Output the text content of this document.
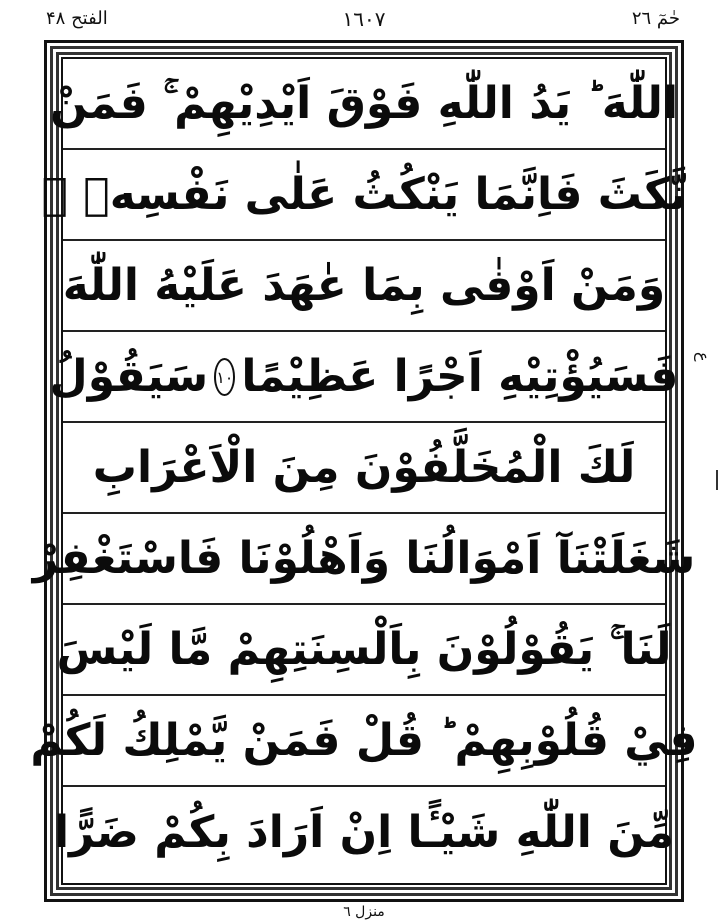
الفتح ۴۸	۱٦۰۷	حٰمٓ ۲٦
اللّٰهَ ؕ يَدُ اللّٰهِ فَوْقَ اَيْدِيْهِمْ ۚ فَمَنْ
نَّكَثَ فَاِنَّمَا يَنْكُثُ عَلٰى نَفْسِهٖ ۚ
وَمَنْ اَوْفٰى بِمَا عٰهَدَ عَلَيْهُ اللّٰهَ
فَسَيُؤْتِيْهِ اَجْرًا عَظِيْمًا
١٠
سَيَقُوْلُ
لَكَ الْمُخَلَّفُوْنَ مِنَ الْاَعْرَابِ
شَغَلَتْنَآ اَمْوَالُنَا وَاَهْلُوْنَا فَاسْتَغْفِرْ
لَنَا ۚ يَقُوْلُوْنَ بِاَلْسِنَتِهِمْ مَّا لَيْسَ
فِيْ قُلُوْبِهِمْ ؕ قُلْ فَمَنْ يَّمْلِكُ لَكُمْ
مِّنَ اللّٰهِ شَيْـًٔا اِنْ اَرَادَ بِكُمْ ضَرًّا
ع
منزل ٦
